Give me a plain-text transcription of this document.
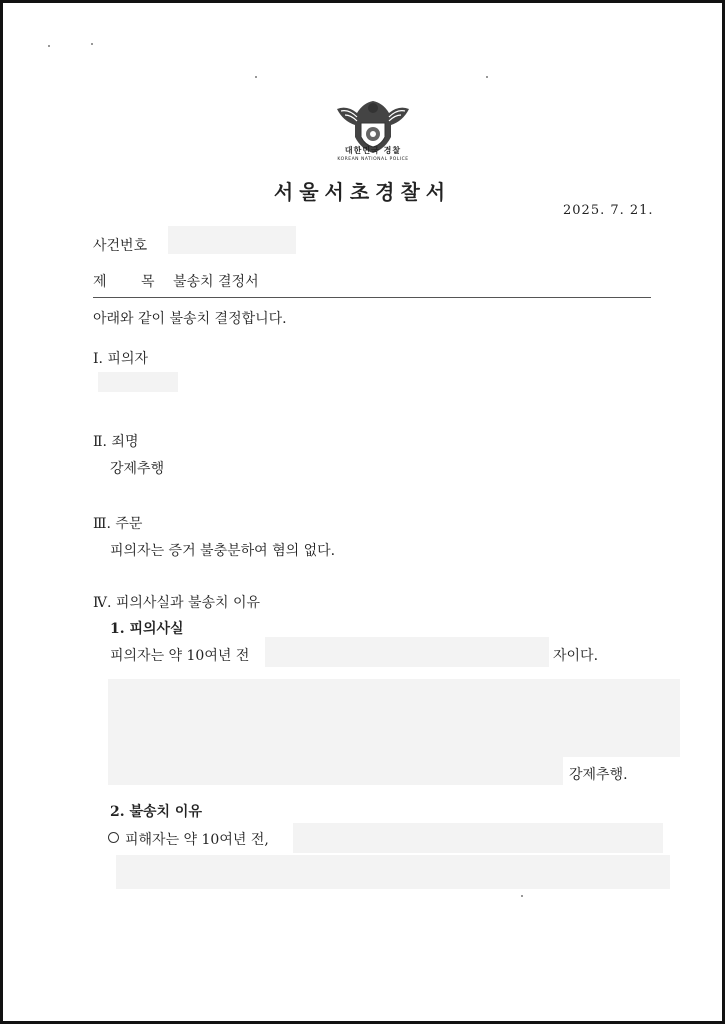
대한민국 경찰
KOREAN NATIONAL POLICE
서울서초경찰서
2025. 7. 21.
사건번호
제 목 불송치 결정서
아래와 같이 불송치 결정합니다.
Ⅰ. 피의자
Ⅱ. 죄명
강제추행
Ⅲ. 주문
피의자는 증거 불충분하여 혐의 없다.
Ⅳ. 피의사실과 불송치 이유
1. 피의사실
피의자는 약 10여년 전	자이다.
강제추행.
2. 불송치 이유
피해자는 약 10여년 전,
